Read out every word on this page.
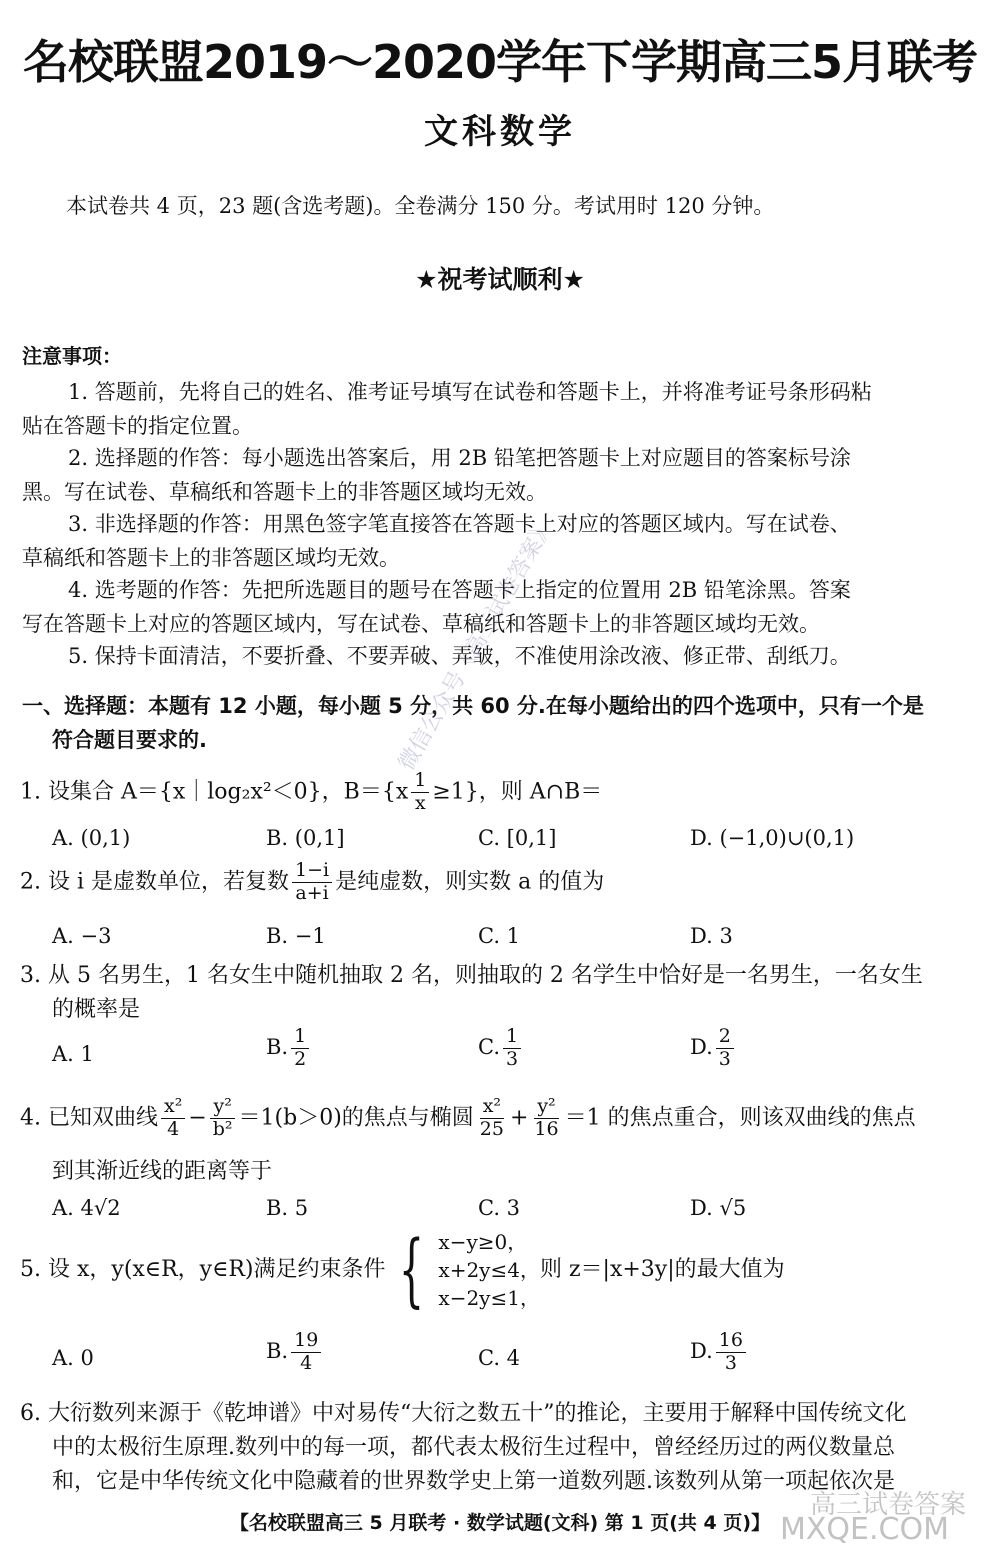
名校联盟2019～2020学年下学期高三5月联考
文科数学
本试卷共 4 页，23 题(含选考题)。全卷满分 150 分。考试用时 120 分钟。
★祝考试顺利★
注意事项：
1. 答题前，先将自己的姓名、准考证号填写在试卷和答题卡上，并将准考证号条形码粘
贴在答题卡的指定位置。
2. 选择题的作答：每小题选出答案后，用 2B 铅笔把答题卡上对应题目的答案标号涂
黑。写在试卷、草稿纸和答题卡上的非答题区域均无效。
3. 非选择题的作答：用黑色签字笔直接答在答题卡上对应的答题区域内。写在试卷、
草稿纸和答题卡上的非答题区域均无效。
4. 选考题的作答：先把所选题目的题号在答题卡上指定的位置用 2B 铅笔涂黑。答案
写在答题卡上对应的答题区域内，写在试卷、草稿纸和答题卡上的非答题区域均无效。
5. 保持卡面清洁，不要折叠、不要弄破、弄皱，不准使用涂改液、修正带、刮纸刀。
一、选择题：本题有 12 小题，每小题 5 分，共 60 分.在每小题给出的四个选项中，只有一个是
符合题目要求的.
1. 设集合 A＝{x｜log₂x²＜0}，$B=\{x \frac{1}{x} \ge 1\}$，则 A∩B＝
A. (0,1)	B. (0,1]	C. [0,1]	D. (−1,0)∪(0,1)
2. 设 i 是虚数单位，若复数 $\frac{1-i}{a+i}$ 是纯虚数，则实数 a 的值为
A. −3	B. −1	C. 1	D. 3
3. 从 5 名男生，1 名女生中随机抽取 2 名，则抽取的 2 名学生中恰好是一名男生，一名女生
的概率是
A. 1	B. $\frac{1}{2}$	C. $\frac{1}{3}$	D. $\frac{2}{3}$
4. 已知双曲线 $\frac{\text{x²}}{4} - \frac{\text{y²}}{\text{b²}} =1(b>0)$的焦点与椭圆 $\frac{\text{x²}}{25} + \frac{\text{y²}}{16} =1$ 的焦点重合，则该双曲线的焦点
到其渐近线的距离等于
A. 4√2	B. 5	C. 3	D. √5
5. 设 x，y(x∈R，y∈R)满足约束条件 { x−y≥0，
x+2y≤4，
x−2y≤1，
则 z＝|x+3y|的最大值为
A. 0	B. $\frac{19}{4}$	C. 4	D. $\frac{16}{3}$
6. 大衍数列来源于《乾坤谱》中对易传“大衍之数五十”的推论，主要用于解释中国传统文化
中的太极衍生原理.数列中的每一项，都代表太极衍生过程中，曾经经历过的两仪数量总
和，它是中华传统文化中隐藏着的世界数学史上第一道数列题.该数列从第一项起依次是
【名校联盟高三 5 月联考 · 数学试题(文科) 第 1 页(共 4 页)】
微信公众号《高三试卷答案》
高三试卷答案
MXQE.COM
